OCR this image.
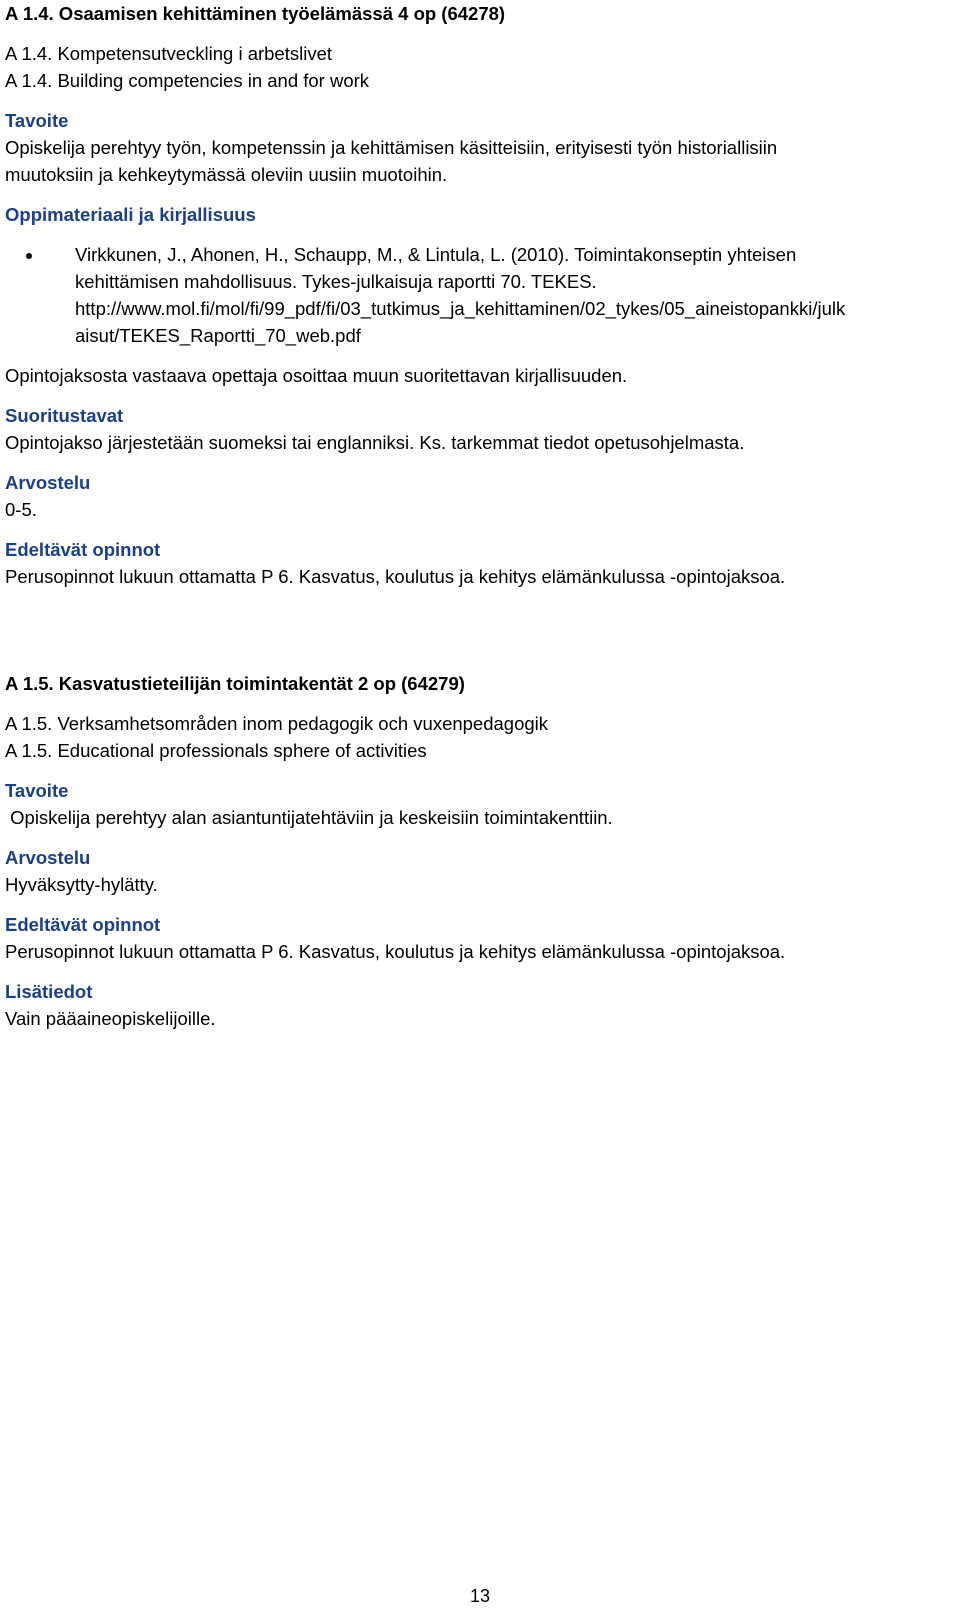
A 1.4. Osaamisen kehittäminen työelämässä 4 op (64278)
A 1.4. Kompetensutveckling i arbetslivet
A 1.4. Building competencies in and for work
Tavoite
Opiskelija perehtyy työn, kompetenssin ja kehittämisen käsitteisiin, erityisesti työn historiallisiin
muutoksiin ja kehkeytymässä oleviin uusiin muotoihin.
Oppimateriaali ja kirjallisuus
Virkkunen, J., Ahonen, H., Schaupp, M., & Lintula, L. (2010). Toimintakonseptin yhteisen
kehittämisen mahdollisuus. Tykes-julkaisuja raportti 70. TEKES.
http://www.mol.fi/mol/fi/99_pdf/fi/03_tutkimus_ja_kehittaminen/02_tykes/05_aineistopankki/julk
aisut/TEKES_Raportti_70_web.pdf
Opintojaksosta vastaava opettaja osoittaa muun suoritettavan kirjallisuuden.
Suoritustavat
Opintojakso järjestetään suomeksi tai englanniksi. Ks. tarkemmat tiedot opetusohjelmasta.
Arvostelu
0-5.
Edeltävät opinnot
Perusopinnot lukuun ottamatta P 6. Kasvatus, koulutus ja kehitys elämänkulussa -opintojaksoa.
A 1.5. Kasvatustieteilijän toimintakentät 2 op (64279)
A 1.5. Verksamhetsområden inom pedagogik och vuxenpedagogik
A 1.5. Educational professionals sphere of activities
Tavoite
Opiskelija perehtyy alan asiantuntijatehtäviin ja keskeisiin toimintakenttiin.
Arvostelu
Hyväksytty-hylätty.
Edeltävät opinnot
Perusopinnot lukuun ottamatta P 6. Kasvatus, koulutus ja kehitys elämänkulussa -opintojaksoa.
Lisätiedot
Vain pääaineopiskelijoille.
13
